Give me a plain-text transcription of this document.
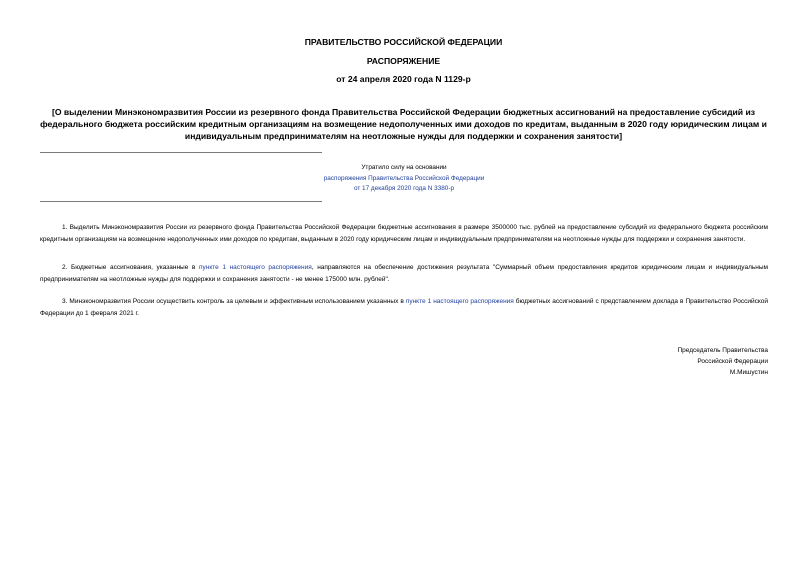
ПРАВИТЕЛЬСТВО РОССИЙСКОЙ ФЕДЕРАЦИИ
РАСПОРЯЖЕНИЕ
от 24 апреля 2020 года N 1129-р
[О выделении Минэкономразвития России из резервного фонда Правительства Российской Федерации бюджетных ассигнований на предоставление субсидий из федерального бюджета российским кредитным организациям на возмещение недополученных ими доходов по кредитам, выданным в 2020 году юридическим лицам и индивидуальным предпринимателям на неотложные нужды для поддержки и сохранения занятости]
Утратило силу на основании
распоряжения Правительства Российской Федерации
от 17 декабря 2020 года N 3380-р
1. Выделить Минэкономразвития России из резервного фонда Правительства Российской Федерации бюджетные ассигнования в размере 3500000 тыс. рублей на предоставление субсидий из федерального бюджета российским кредитным организациям на возмещение недополученных ими доходов по кредитам, выданным в 2020 году юридическим лицам и индивидуальным предпринимателям на неотложные нужды для поддержки и сохранения занятости.
2. Бюджетные ассигнования, указанные в пункте 1 настоящего распоряжения, направляются на обеспечение достижения результата "Суммарный объем предоставления кредитов юридическим лицам и индивидуальным предпринимателям на неотложные нужды для поддержки и сохранения занятости - не менее 175000 млн. рублей".
3. Минэкономразвития России осуществить контроль за целевым и эффективным использованием указанных в пункте 1 настоящего распоряжения бюджетных ассигнований с представлением доклада в Правительство Российской Федерации до 1 февраля 2021 г.
Председатель Правительства
Российской Федерации
М.Мишустин
